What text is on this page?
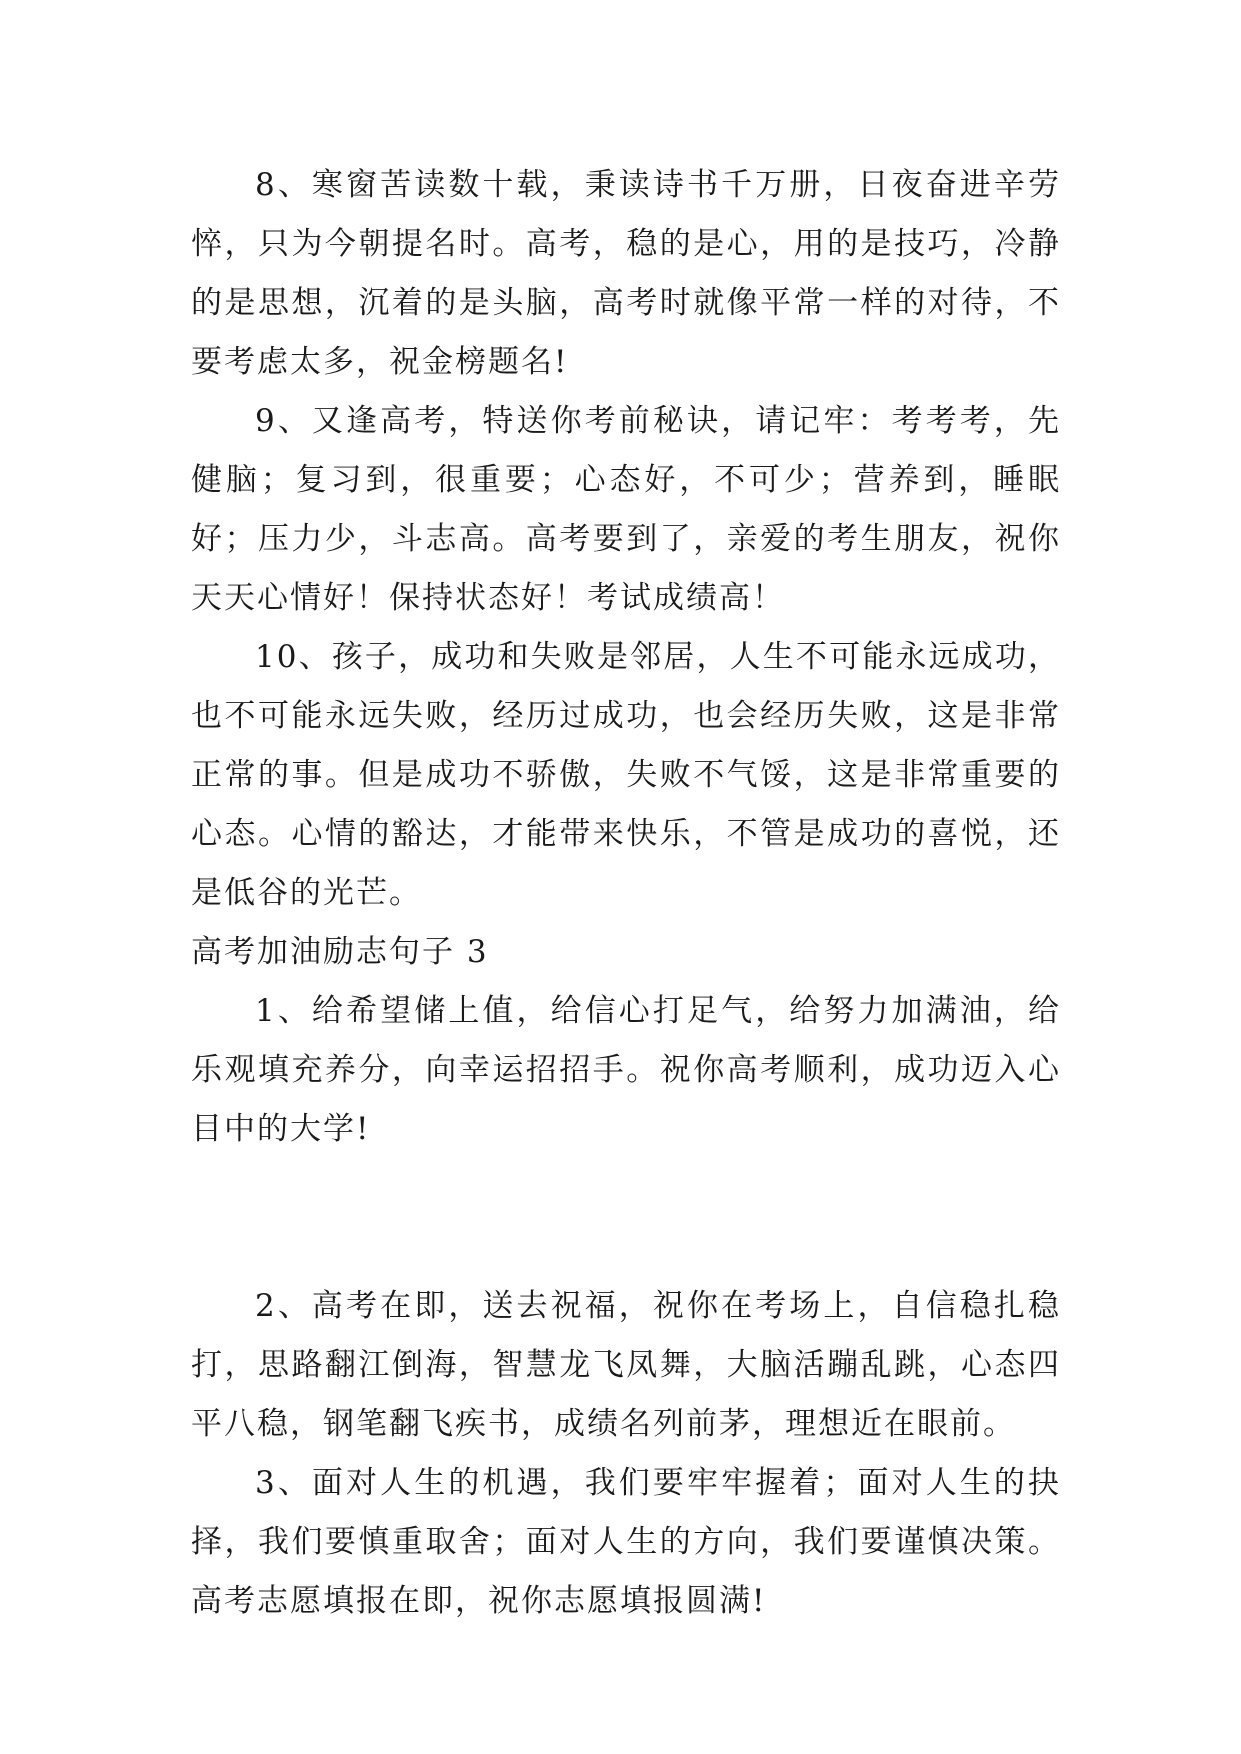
8、寒窗苦读数十载，秉读诗书千万册，日夜奋进辛劳悴，只为今朝提名时。高考，稳的是心，用的是技巧，冷静的是思想，沉着的是头脑，高考时就像平常一样的对待，不要考虑太多，祝金榜题名!

9、又逢高考，特送你考前秘诀，请记牢：考考考，先健脑；复习到，很重要；心态好，不可少；营养到，睡眠好；压力少，斗志高。高考要到了，亲爱的考生朋友，祝你天天心情好！保持状态好！考试成绩高！

10、孩子，成功和失败是邻居，人生不可能永远成功，也不可能永远失败，经历过成功，也会经历失败，这是非常正常的事。但是成功不骄傲，失败不气馁，这是非常重要的心态。心情的豁达，才能带来快乐，不管是成功的喜悦，还是低谷的光芒。

高考加油励志句子 3

1、给希望储上值，给信心打足气，给努力加满油，给乐观填充养分，向幸运招招手。祝你高考顺利，成功迈入心目中的大学!

2、高考在即，送去祝福，祝你在考场上，自信稳扎稳打，思路翻江倒海，智慧龙飞凤舞，大脑活蹦乱跳，心态四平八稳，钢笔翻飞疾书，成绩名列前茅，理想近在眼前。

3、面对人生的机遇，我们要牢牢握着；面对人生的抉择，我们要慎重取舍；面对人生的方向，我们要谨慎决策。高考志愿填报在即，祝你志愿填报圆满!
